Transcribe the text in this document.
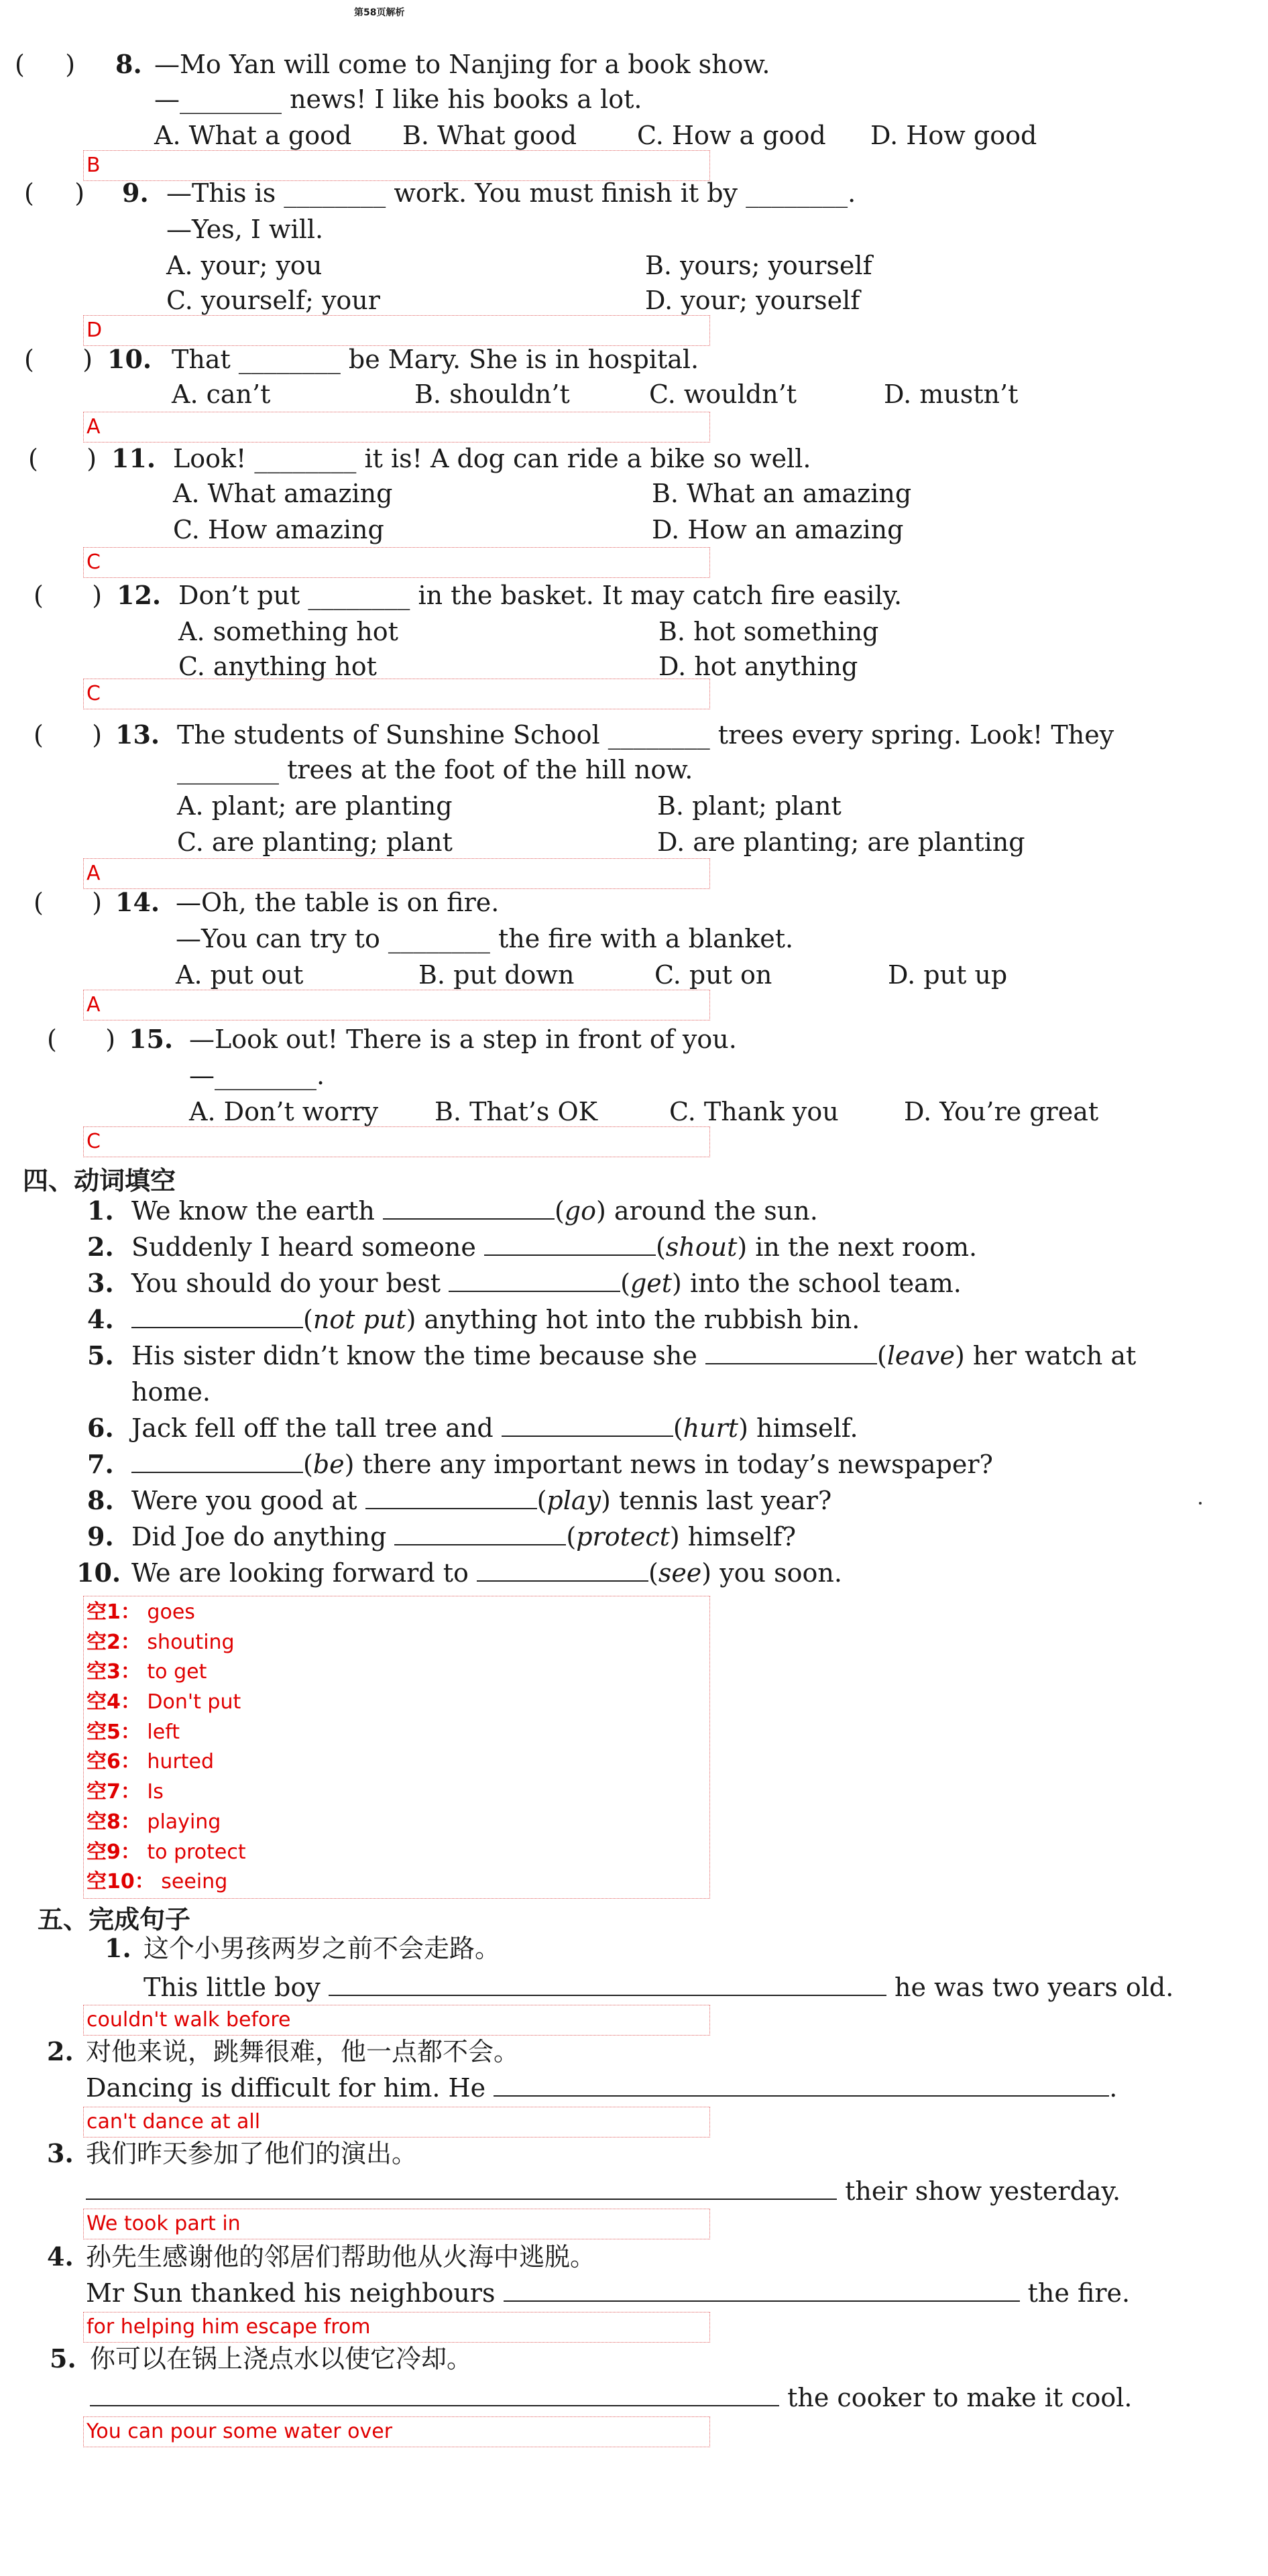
第58页解析
(     ) 8. —Mo Yan will come to Nanjing for a book show.
—________ news! I like his books a lot.
A. What a good B. What good C. How a good D. How good
B
(     ) 9. —This is ________ work. You must finish it by ________.
—Yes, I will.
A. your; you	B. yours; yourself
C. yourself; your	D. your; yourself
D
(      ) 10. That ________ be Mary. She is in hospital.
A. can’t	B. shouldn’t	C. wouldn’t	D. mustn’t
A
(      ) 11. Look! ________ it is! A dog can ride a bike so well.
A. What amazing	B. What an amazing
C. How amazing	D. How an amazing
C
(      ) 12. Don’t put ________ in the basket. It may catch fire easily.
A. something hot	B. hot something
C. anything hot	D. hot anything
C
(      ) 13. The students of Sunshine School ________ trees every spring. Look! They
________ trees at the foot of the hill now.
A. plant; are planting	B. plant; plant
C. are planting; plant	D. are planting; are planting
A
(      ) 14. —Oh, the table is on fire.
—You can try to ________ the fire with a blanket.
A. put out	B. put down	C. put on	D. put up
A
(      ) 15. —Look out! There is a step in front of you.
—________.
A. Don’t worry B. That’s OK	C. Thank you	D. You’re great
C
四、动词填空
1. We know the earth	(go) around the sun.
2. Suddenly I heard someone	(shout) in the next room.
3. You should do your best	(get) into the school team.
4.	(not put) anything hot into the rubbish bin.
5. His sister didn’t know the time because she	(leave) her watch at
home.
6. Jack fell off the tall tree and	(hurt) himself.
7.	(be) there any important news in today’s newspaper?
8. Were you good at	(play) tennis last year?
9. Did Joe do anything	(protect) himself?
10. We are looking forward to	(see) you soon.
空1： goes
空2： shouting
空3： to get
空4： Don't put
空5： left
空6： hurted
空7： Is
空8： playing
空9： to protect
空10： seeing
五、完成句子
1. 这个小男孩两岁之前不会走路。
This little boy	he was two years old.
couldn't walk before
2. 对他来说，跳舞很难，他一点都不会。
Dancing is difficult for him. He	.
can't dance at all
3. 我们昨天参加了他们的演出。
their show yesterday.
We took part in
4. 孙先生感谢他的邻居们帮助他从火海中逃脱。
Mr Sun thanked his neighbours	the fire.
for helping him escape from
5. 你可以在锅上浇点水以使它冷却。
the cooker to make it cool.
You can pour some water over
